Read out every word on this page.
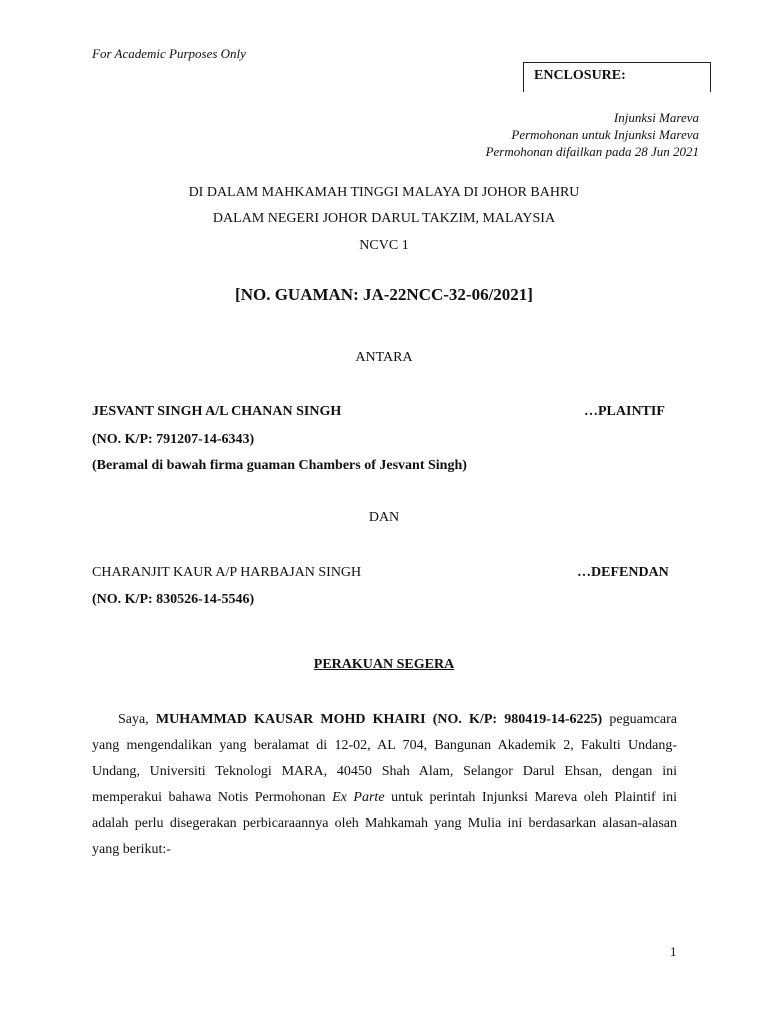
For Academic Purposes Only
ENCLOSURE:
Injunksi Mareva
Permohonan untuk Injunksi Mareva
Permohonan difailkan pada 28 Jun 2021
DI DALAM MAHKAMAH TINGGI MALAYA DI JOHOR BAHRU
DALAM NEGERI JOHOR DARUL TAKZIM, MALAYSIA
NCVC 1
[NO. GUAMAN: JA-22NCC-32-06/2021]
ANTARA
JESVANT SINGH A/L CHANAN SINGH	…PLAINTIF
(NO. K/P: 791207-14-6343)
(Beramal di bawah firma guaman Chambers of Jesvant Singh)
DAN
CHARANJIT KAUR A/P HARBAJAN SINGH	…DEFENDAN
(NO. K/P: 830526-14-5546)
PERAKUAN SEGERA
Saya, MUHAMMAD KAUSAR MOHD KHAIRI (NO. K/P: 980419-14-6225) peguamcara yang mengendalikan yang beralamat di 12-02, AL 704, Bangunan Akademik 2, Fakulti Undang-Undang, Universiti Teknologi MARA, 40450 Shah Alam, Selangor Darul Ehsan, dengan ini memperakui bahawa Notis Permohonan Ex Parte untuk perintah Injunksi Mareva oleh Plaintif ini adalah perlu disegerakan perbicaraannya oleh Mahkamah yang Mulia ini berdasarkan alasan-alasan yang berikut:-
1
